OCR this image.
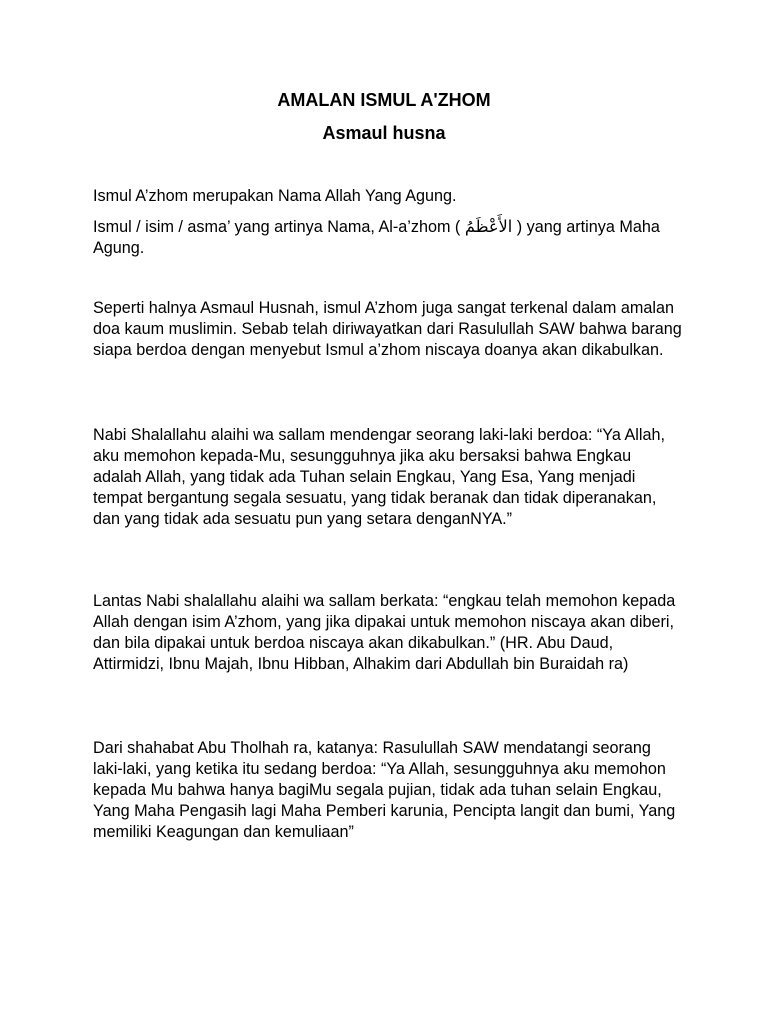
AMALAN ISMUL A'ZHOM
Asmaul husna

Ismul A’zhom merupakan Nama Allah Yang Agung.

Ismul / isim / asma’ yang artinya Nama, Al-a’zhom ( الأَعْظَمُ ) yang artinya Maha Agung.

Seperti halnya Asmaul Husnah, ismul A’zhom juga sangat terkenal dalam amalan doa kaum muslimin. Sebab telah diriwayatkan dari Rasulullah SAW bahwa barang siapa berdoa dengan menyebut Ismul a’zhom niscaya doanya akan dikabulkan.

Nabi Shalallahu alaihi wa sallam mendengar seorang laki-laki berdoa: “Ya Allah, aku memohon kepada-Mu, sesungguhnya jika aku bersaksi bahwa Engkau adalah Allah, yang tidak ada Tuhan selain Engkau, Yang Esa, Yang menjadi tempat bergantung segala sesuatu, yang tidak beranak dan tidak diperanakan, dan yang tidak ada sesuatu pun yang setara denganNYA.”

Lantas Nabi shalallahu alaihi wa sallam berkata: “engkau telah memohon kepada Allah dengan isim A’zhom, yang jika dipakai untuk memohon niscaya akan diberi, dan bila dipakai untuk berdoa niscaya akan dikabulkan.” (HR. Abu Daud, Attirmidzi, Ibnu Majah, Ibnu Hibban, Alhakim dari Abdullah bin Buraidah ra)

Dari shahabat Abu Tholhah ra, katanya: Rasulullah SAW mendatangi seorang laki-laki, yang ketika itu sedang berdoa: “Ya Allah, sesungguhnya aku memohon kepada Mu bahwa hanya bagiMu segala pujian, tidak ada tuhan selain Engkau, Yang Maha Pengasih lagi Maha Pemberi karunia, Pencipta langit dan bumi, Yang memiliki Keagungan dan kemuliaan”
